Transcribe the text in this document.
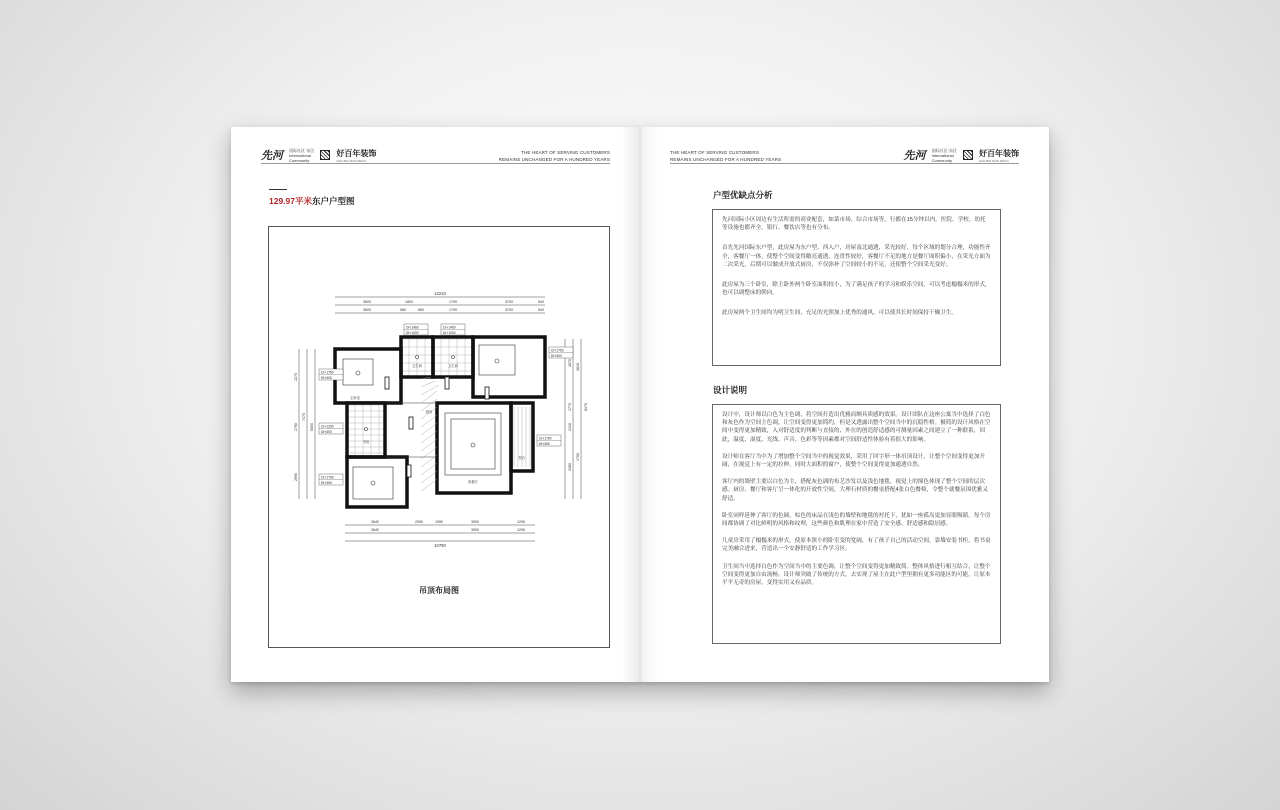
先河 国际社区·东区
International
Community
好百年装饰
HAO BAI NIAN DECO
THE HEART OF SERVING CUSTOMERS
REMAINS UNCHANGED FOR A HUNDRED YEARS
129.97平米东户户型图
12210
3600	1800	1790	3700	540
3600	560	660	1790	3700	540
3640	2090	1950	3950	1290
3640	3950	1290
10790
2270
2790
7470
2990
5000
2870 3610
1770
2410
3380
8170
4700
CH 1460
DH 1000
CH 1460
DH 1000
CH 1750
DH 600
CH 1750
DH 600
CH 1330
DH 600
CH 1760
DH 600
CH 1760
DH 600
卫生间	卫生间
主卧室
书房
厨房
客餐厅
阳台
吊顶布局图
THE HEART OF SERVING CUSTOMERS
REMAINS UNCHANGED FOR A HUNDRED YEARS	先河 国际社区·东区
International
Community
好百年装饰
HAO BAI NIAN DECO
户型优缺点分析

先河国际小区周边有生活所需的商业配套，如菜市场、综合市场等，行都在15分钟以内。医院、学校、幼托等设施也都齐全，银行、餐饮店等也有分布。

首先先河国际东户型，此房屋为东户型、西入户，房屋南北通透，采光较好，每个区域的划分合理，功能性齐全，客餐厅一体，使整个空间变得敞亮通透，连贯性较好，客餐厅不足的地方是餐厅面积偏小，在采光方面为二次采光，后期可以做成开放式厨房，不仅弥补了空间较小的不足，还使整个空间采光变好。

此房屋为三个卧室，除主卧外两个卧室面积较小，为了满足孩子的学习和娱乐空间，可以考虑榻榻米的形式，也可以调整床的朝向。

此房屋两个卫生间均为明卫生间，充足的光照加上优秀的通风，可以使其长时间保持干燥卫生。

设计说明

设计中，设计师以白色为主色调，将空间打造出优雅而颇具质感的效果。设计团队在这座公寓当中选择了白色和灰色作为空间主色调，让空间变得更加简约，但是又透露出整个空间当中的沉稳性格。极简的设计风格在空间中变得更加精致，入对舒适度的判断与直接的、外在的创造舒适感的可测量因素之间建立了一种联系，因此，温度、湿度、光线、声音、色彩等等因素都对空间舒适性体验有着很大的影响。

设计师在客厅当中为了增加整个空间当中的视觉效果，采用了回字形一体吊顶设计，让整个空间变得更加开阔，在视觉上有一定的拉伸，同时大面积的窗户，使整个空间变得更加通透自然。

客厅内的墙壁主要以白色为主，搭配灰色调的布艺沙发以及浅色地毯，视觉上的撞色体现了整个空间的层次感。厨房、餐厅和客厅呈一体化的开放性空间，大理石材质的餐桌搭配4张白色餐椅，令整个就餐氛围优雅又舒适。

卧室同样延伸了客厅的色调，棕色的床品在浅色的墙壁和地毯的衬托下，犹如一座孤岛更加显眼吸睛，每个房间都协调了对比鲜明的风格和纹理，这些颜色和肌理在家中营造了安全感、舒适感和隐居感。

儿童房采用了榻榻米的形式，使原本狭小的卧室变的宽阔，有了孩子自己的活动空间，靠墙安装书柜，将书桌完美融合进来，营造出一个安静舒适的工作学习区。

卫生间当中选择白色作为空间当中的主要色调，让整个空间变得更加精致简。整体风格进行相互结合，让整个空间变得更加自由流畅。设计师突破了传统的方式，去实现了屋主在此户型里拥有更多功能区的可能，让原本平平无奇的房屋，变得实用又有品质。
